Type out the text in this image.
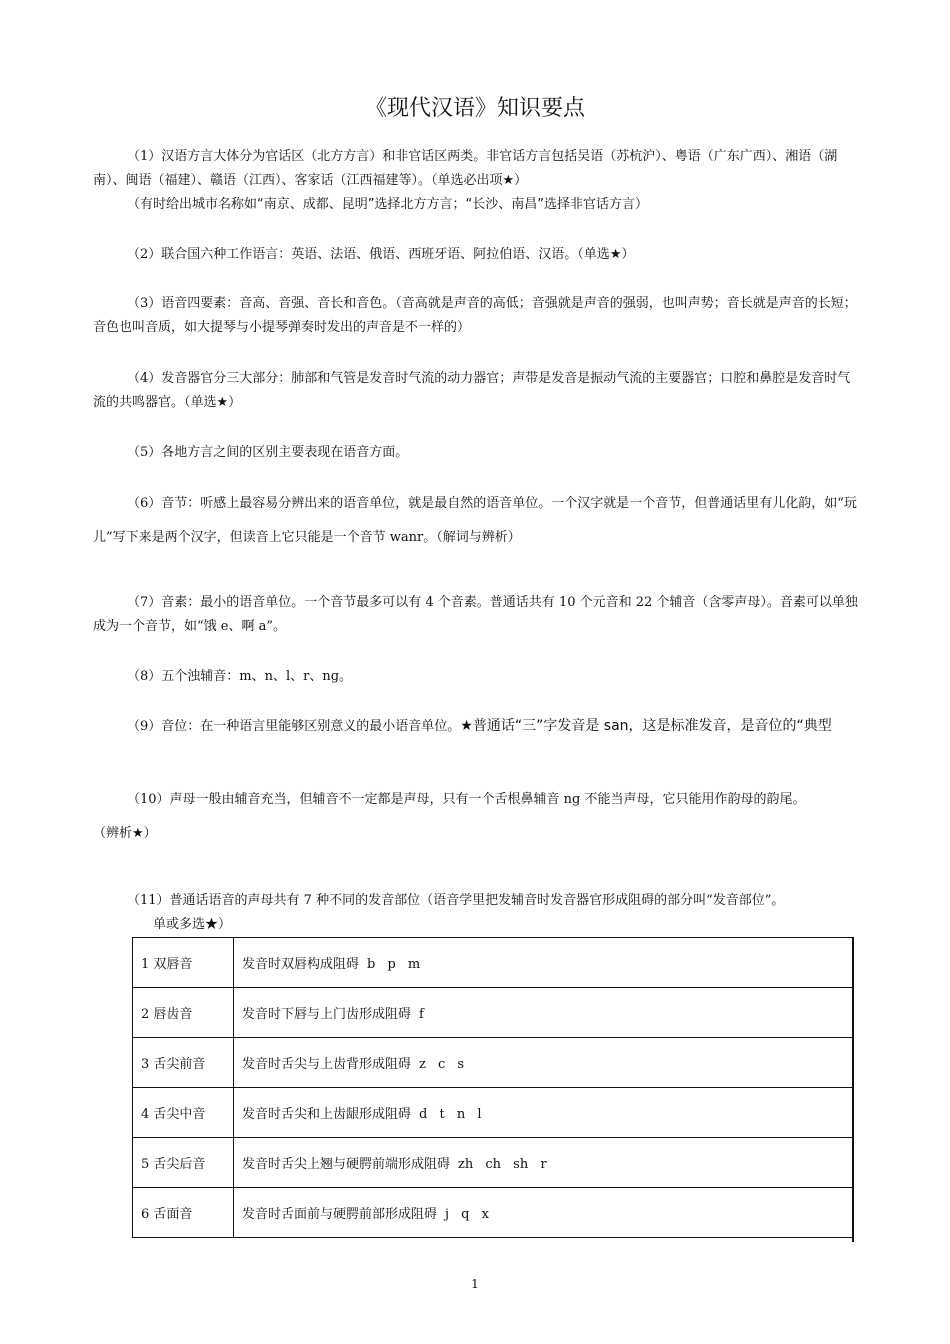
《现代汉语》知识要点
（1）汉语方言大体分为官话区（北方方言）和非官话区两类。非官话方言包括吴语（苏杭沪）、粤语（广东广西）、湘语（湖南）、闽语（福建）、赣语（江西）、客家话（江西福建等）。（单选必出项★）
（有时给出城市名称如“南京、成都、昆明”选择北方方言；“长沙、南昌”选择非官话方言）
（2）联合国六种工作语言：英语、法语、俄语、西班牙语、阿拉伯语、汉语。（单选★）
（3）语音四要素：音高、音强、音长和音色。（音高就是声音的高低；音强就是声音的强弱，也叫声势；音长就是声音的长短；音色也叫音质，如大提琴与小提琴弹奏时发出的声音是不一样的）
（4）发音器官分三大部分：肺部和气管是发音时气流的动力器官；声带是发音是振动气流的主要器官；口腔和鼻腔是发音时气流的共鸣器官。（单选★）
（5）各地方言之间的区别主要表现在语音方面。
（6）音节：听感上最容易分辨出来的语音单位，就是最自然的语音单位。一个汉字就是一个音节，但普通话里有儿化韵，如“玩儿”写下来是两个汉字，但读音上它只能是一个音节 wanr。（解词与辨析）
（7）音素：最小的语音单位。一个音节最多可以有 4 个音素。普通话共有 10 个元音和 22 个辅音（含零声母）。音素可以单独成为一个音节，如“饿 e、啊 a”。
（8）五个浊辅音：m、n、l、r、ng。
（9）音位：在一种语言里能够区别意义的最小语音单位。★普通话“三”字发音是 san，这是标准发音，是音位的“典型
（10）声母一般由辅音充当，但辅音不一定都是声母，只有一个舌根鼻辅音 ng 不能当声母，它只能用作韵母的韵尾。（辨析★）
（11）普通话语音的声母共有 7 种不同的发音部位（语音学里把发辅音时发音器官形成阻碍的部分叫“发音部位”。
单或多选★）
1 双唇音	发音时双唇构成阻碍 b p m
2 唇齿音	发音时下唇与上门齿形成阻碍 f
3 舌尖前音	发音时舌尖与上齿背形成阻碍 z c s
4 舌尖中音	发音时舌尖和上齿龈形成阻碍 d t n l
5 舌尖后音	发音时舌尖上翘与硬腭前端形成阻碍 zh ch sh r
6 舌面音	发音时舌面前与硬腭前部形成阻碍 j q x
1
